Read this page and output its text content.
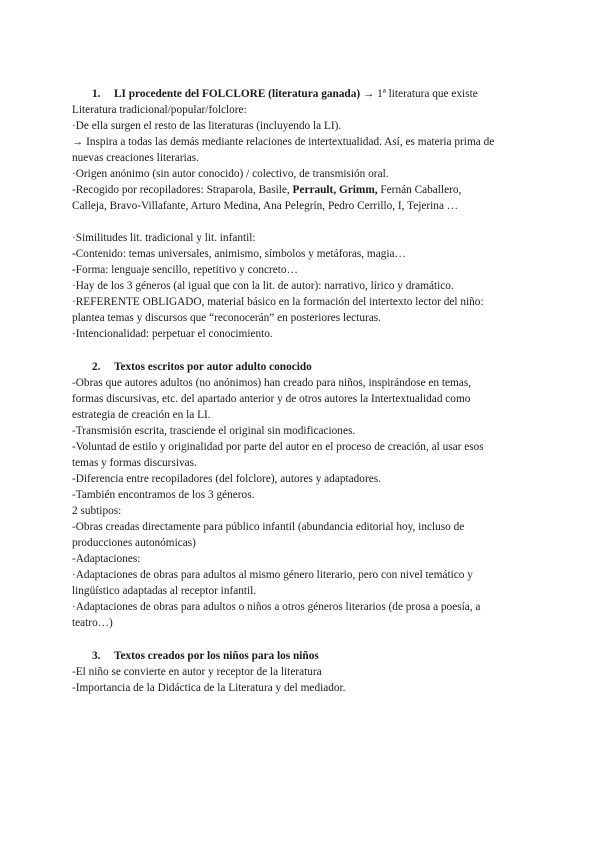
1. LI procedente del FOLCLORE (literatura ganada) → 1ª literatura que existe
Literatura tradicional/popular/folclore:
·De ella surgen el resto de las literaturas (incluyendo la LI).
→ Inspira a todas las demás mediante relaciones de intertextualidad. Así, es materia prima de
nuevas creaciones literarias.
·Origen anónimo (sin autor conocido) / colectivo, de transmisión oral.
-Recogido por recopiladores: Straparola, Basile, Perrault, Grimm, Fernán Caballero,
Calleja, Bravo-Villafante, Arturo Medina, Ana Pelegrín, Pedro Cerrillo, I, Tejerina …
·Similitudes lit. tradicional y lit. infantil:
-Contenido: temas universales, animismo, símbolos y metáforas, magia…
-Forma: lenguaje sencillo, repetitivo y concreto…
·Hay de los 3 géneros (al igual que con la lit. de autor): narrativo, lírico y dramático.
·REFERENTE OBLIGADO, material básico en la formación del intertexto lector del niño:
plantea temas y discursos que “reconocerán” en posteriores lecturas.
·Intencionalidad: perpetuar el conocimiento.
2. Textos escritos por autor adulto conocido
-Obras que autores adultos (no anónimos) han creado para niños, inspirándose en temas,
formas discursivas, etc. del apartado anterior y de otros autores la Intertextualidad como
estrategia de creación en la LI.
-Transmisión escrita, trasciende el original sin modificaciones.
-Voluntad de estilo y originalidad por parte del autor en el proceso de creación, al usar esos
temas y formas discursivas.
-Diferencia entre recopiladores (del folclore), autores y adaptadores.
-También encontramos de los 3 géneros.
2 subtipos:
-Obras creadas directamente para público infantil (abundancia editorial hoy, incluso de
producciones autonómicas)
-Adaptaciones:
·Adaptaciones de obras para adultos al mismo género literario, pero con nivel temático y
lingüístico adaptadas al receptor infantil.
·Adaptaciones de obras para adultos o niños a otros géneros literarios (de prosa a poesía, a
teatro…)
3. Textos creados por los niños para los niños
-El niño se convierte en autor y receptor de la literatura
-Importancia de la Didáctica de la Literatura y del mediador.
